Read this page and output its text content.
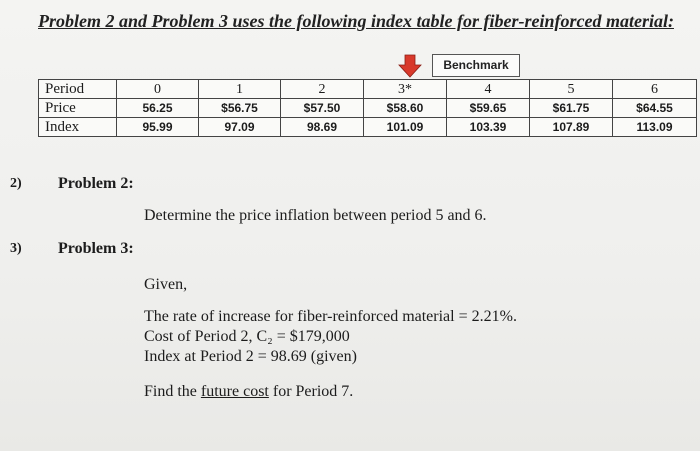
Problem 2 and Problem 3 uses the following index table for fiber-reinforced material:
Benchmark
Period	0	1	2	3*	4	5	6
Price	56.25	$56.75	$57.50	$58.60	$59.65	$61.75	$64.55
Index	95.99	97.09	98.69	101.09	103.39	107.89	113.09
2) Problem 2:
Determine the price inflation between period 5 and 6.
3) Problem 3:
Given,
The rate of increase for fiber-reinforced material = 2.21%.
Cost of Period 2, C₂ = $179,000
Index at Period 2 = 98.69 (given)
Find the future cost for Period 7.
